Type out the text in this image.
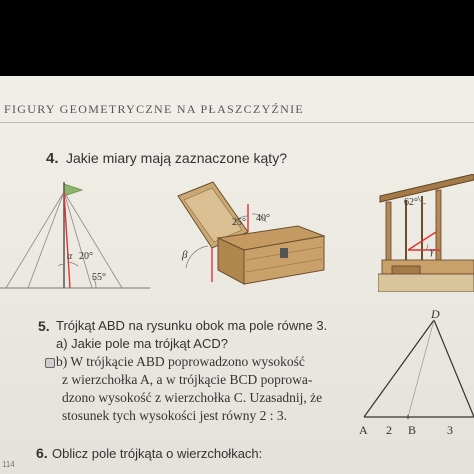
FIGURY GEOMETRYCZNE NA PŁASZCZYŹNIE
4. Jakie miary mają zaznaczone kąty?
α 20°
55°
25° 40°
β
62°
γ
5. Trójkąt ABD na rysunku obok ma pole równe 3.
a) Jakie pole ma trójkąt ACD?
b) W trójkącie ABD poprowadzono wysokość
z wierzchołka A, a w trójkącie BCD poprowa-
dzono wysokość z wierzchołka C. Uzasadnij, że
stosunek tych wysokości jest równy 2 : 3.
D
A 2 B	3
6. Oblicz pole trójkąta o wierzchołkach:
114
